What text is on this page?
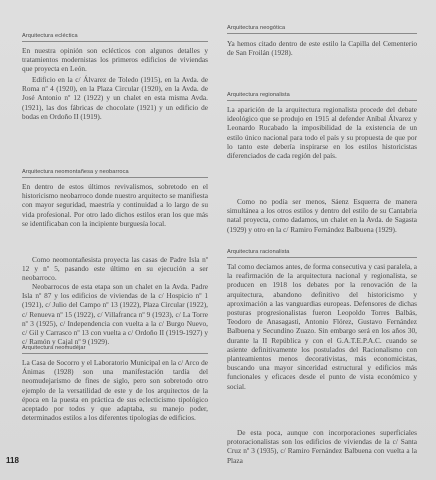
Arquitectura ecléctica

En nuestra opinión son eclécticos con algunos detalles y tratamientos modernistas los primeros edificios de viviendas que proyecta en León.

Edificio en la c/ Álvarez de Toledo (1915), en la Avda. de Roma nº 4 (1920), en la Plaza Circular (1920), en la Avda. de José Antonio nº 12 (1922) y un chalet en esta misma Avda. (1921), las dos fábricas de chocolate (1921) y un edificio de bodas en Ordoño II (1919).

Arquitectura neomontañesa y neobarroca

En dentro de estos últimos revivalismos, sobretodo en el historicismo neobarroco donde nuestro arquitecto se manifiesta con mayor seguridad, maestría y continuidad a lo largo de su vida profesional. Por otro lado dichos estilos eran los que más se identificaban con la incipiente burguesía local.

Como neomontañesista proyecta las casas de Padre Isla nº 12 y nº 5, pasando este último en su ejecución a ser neobarroco.

Neobarrocos de esta etapa son un chalet en la Avda. Padre Isla nº 87 y los edificios de viviendas de la c/ Hospicio nº 1 (1921), c/ Julio del Campo nº 13 (1922), Plaza Circular (1922), c/ Renueva nº 15 (1922), c/ Villafranca nº 9 (1923), c/ La Torre nº 3 (1925), c/ Independencia con vuelta a la c/ Burgo Nuevo, c/ Gil y Carrasco nº 13 con vuelta a c/ Ordoño II (1919-1927) y c/ Ramón y Cajal nº 9 (1929).

Arquitectura neomudéjar

La Casa de Socorro y el Laboratorio Municipal en la c/ Arco de Ánimas (1928) son una manifestación tardía del neomudejarismo de fines de siglo, pero son sobretodo otro ejemplo de la versatilidad de este y de los arquitectos de la época en la puesta en práctica de sus eclecticismo tipológico aceptado por todos y que adaptaba, su manejo poder, determinados estilos a los diferentes tipologías de edificios.

Arquitectura neogótica

Ya hemos citado dentro de este estilo la Capilla del Cementerio de San Froilán (1928).

Arquitectura regionalista

La aparición de la arquitectura regionalista procede del debate ideológico que se produjo en 1915 al defender Aníbal Álvarez y Leonardo Rucabado la imposibilidad de la existencia de un estilo único nacional para todo el país y su propuesta de que por lo tanto este debería inspirarse en los estilos historicistas diferenciados de cada región del país.

Como no podía ser menos, Sáenz Esquerra de manera simultánea a los otros estilos y dentro del estilo de su Cantabria natal proyecta, como dadamos, un chalet en la Avda. de Sagasta (1929) y otro en la c/ Ramiro Fernández Balbuena (1929).

Arquitectura racionalista

Tal como decíamos antes, de forma consecutiva y casi paralela, a la reafirmación de la arquitectura nacional y regionalista, se producen en 1918 los debates por la renovación de la arquitectura, abandono definitivo del historicismo y aproximación a las vanguardias europeas. Defensores de dichas posturas progresionalistas fueron Leopoldo Torres Balbás, Teodoro de Anasagasti, Antonio Flórez, Gustavo Fernández Balbuena y Secundino Zuazo. Sin embargo será en los años 30, durante la II República y con el G.A.T.E.P.A.C. cuando se asiente definitivamente los postulados del Racionalismo con planteamientos menos decorativistas, más economicistas, buscando una mayor sinceridad estructural y edificios más funcionales y eficaces desde el punto de vista económico y social.

De esta poca, aunque con incorporaciones superficiales protoracionalistas son los edificios de viviendas de la c/ Santa Cruz nº 3 (1935), c/ Ramiro Fernández Balbuena con vuelta a la Plaza

118
